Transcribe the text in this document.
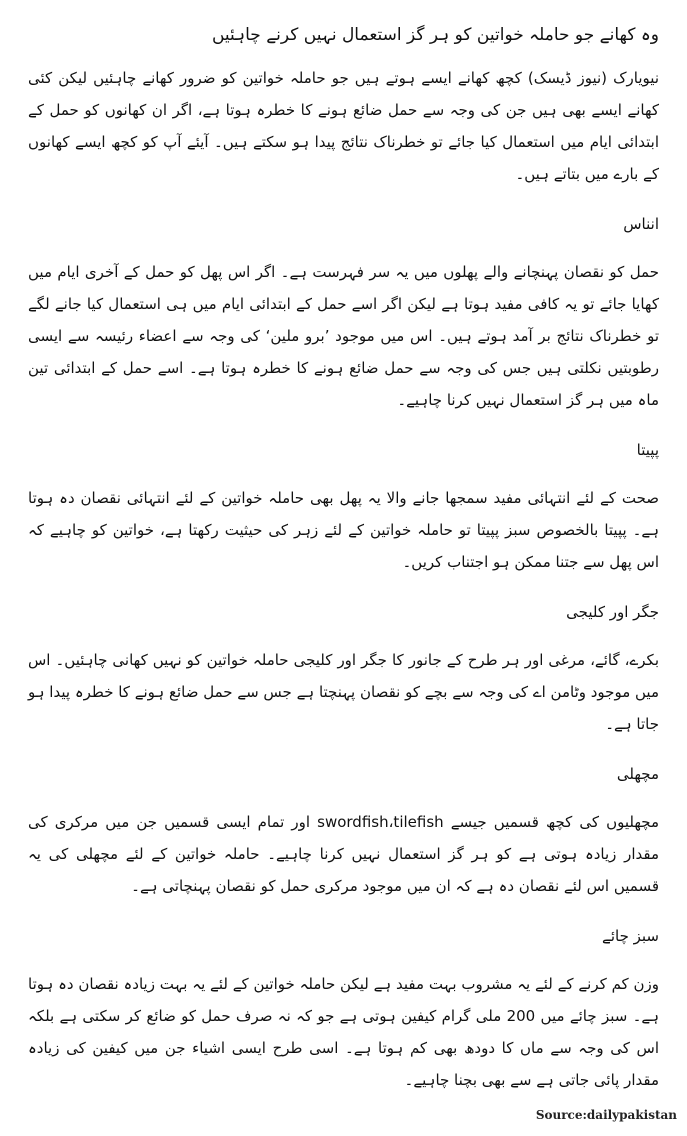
وہ کھانے جو حاملہ خواتین کو ہر گز استعمال نہیں کرنے چاہئیں

نیویارک (نیوز ڈیسک) کچھ کھانے ایسے ہوتے ہیں جو حاملہ خواتین کو ضرور کھانے چاہئیں لیکن کئی کھانے ایسے بھی ہیں جن کی وجہ سے حمل ضائع ہونے کا خطرہ ہوتا ہے، اگر ان کھانوں کو حمل کے ابتدائی ایام میں استعمال کیا جائے تو خطرناک نتائج پیدا ہو سکتے ہیں۔ آیئے آپ کو کچھ ایسے کھانوں کے بارے میں بتاتے ہیں۔

انناس

حمل کو نقصان پہنچانے والے پھلوں میں یہ سر فہرست ہے۔ اگر اس پھل کو حمل کے آخری ایام میں کھایا جائے تو یہ کافی مفید ہوتا ہے لیکن اگر اسے حمل کے ابتدائی ایام میں ہی استعمال کیا جانے لگے تو خطرناک نتائج بر آمد ہوتے ہیں۔ اس میں موجود ’برو ملین‘ کی وجہ سے اعضاء رئیسہ سے ایسی رطوبتیں نکلتی ہیں جس کی وجہ سے حمل ضائع ہونے کا خطرہ ہوتا ہے۔ اسے حمل کے ابتدائی تین ماہ میں ہر گز استعمال نہیں کرنا چاہیے۔

پپیتا

صحت کے لئے انتہائی مفید سمجھا جانے والا یہ پھل بھی حاملہ خواتین کے لئے انتہائی نقصان دہ ہوتا ہے۔ پپیتا بالخصوص سبز پپیتا تو حاملہ خواتین کے لئے زہر کی حیثیت رکھتا ہے، خواتین کو چاہیے کہ اس پھل سے جتنا ممکن ہو اجتناب کریں۔

جگر اور کلیجی

بکرے، گائے، مرغی اور ہر طرح کے جانور کا جگر اور کلیجی حاملہ خواتین کو نہیں کھانی چاہئیں۔ اس میں موجود وٹامن اے کی وجہ سے بچے کو نقصان پہنچتا ہے جس سے حمل ضائع ہونے کا خطرہ پیدا ہو جاتا ہے۔

مچھلی

مچھلیوں کی کچھ قسمیں جیسے swordfish،tilefish اور تمام ایسی قسمیں جن میں مرکری کی مقدار زیادہ ہوتی ہے کو ہر گز استعمال نہیں کرنا چاہیے۔ حاملہ خواتین کے لئے مچھلی کی یہ قسمیں اس لئے نقصان دہ ہے کہ ان میں موجود مرکری حمل کو نقصان پہنچاتی ہے۔

سبز چائے

وزن کم کرنے کے لئے یہ مشروب بہت مفید ہے لیکن حاملہ خواتین کے لئے یہ بہت زیادہ نقصان دہ ہوتا ہے۔ سبز چائے میں 200 ملی گرام کیفین ہوتی ہے جو کہ نہ صرف حمل کو ضائع کر سکتی ہے بلکہ اس کی وجہ سے ماں کا دودھ بھی کم ہوتا ہے۔ اسی طرح ایسی اشیاء جن میں کیفین کی زیادہ مقدار پائی جاتی ہے سے بھی بچنا چاہیے۔

Source:dailypakistan
